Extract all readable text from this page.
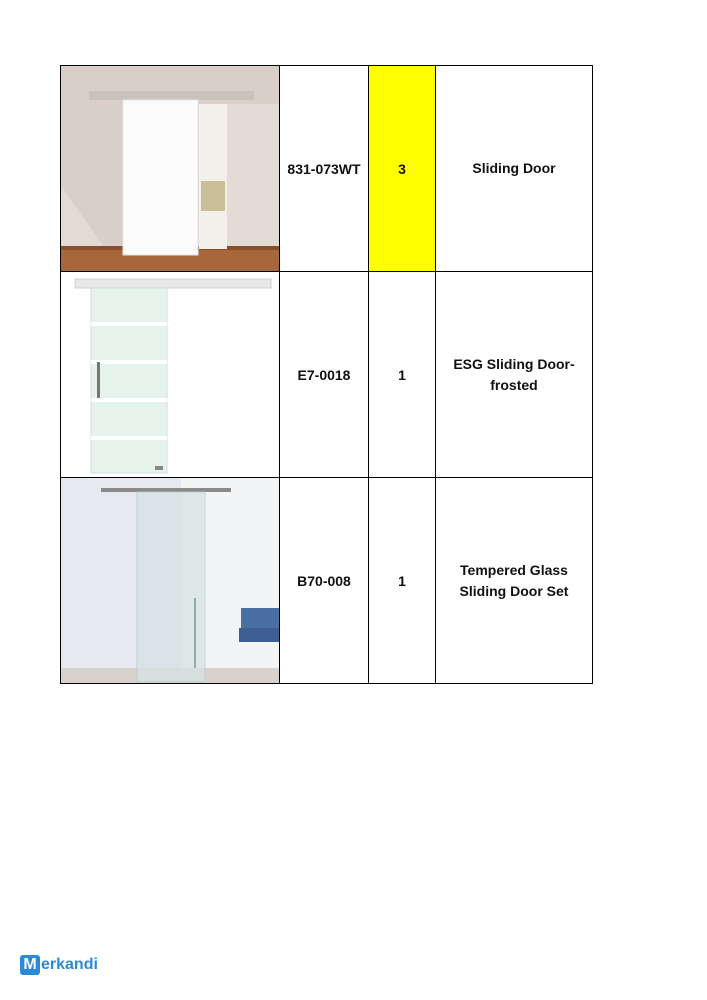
	831-073WT	3	Sliding Door

	E7-0018	1	ESG Sliding Door-frosted

	B70-008	1	Tempered Glass Sliding Door Set
M erkandi
